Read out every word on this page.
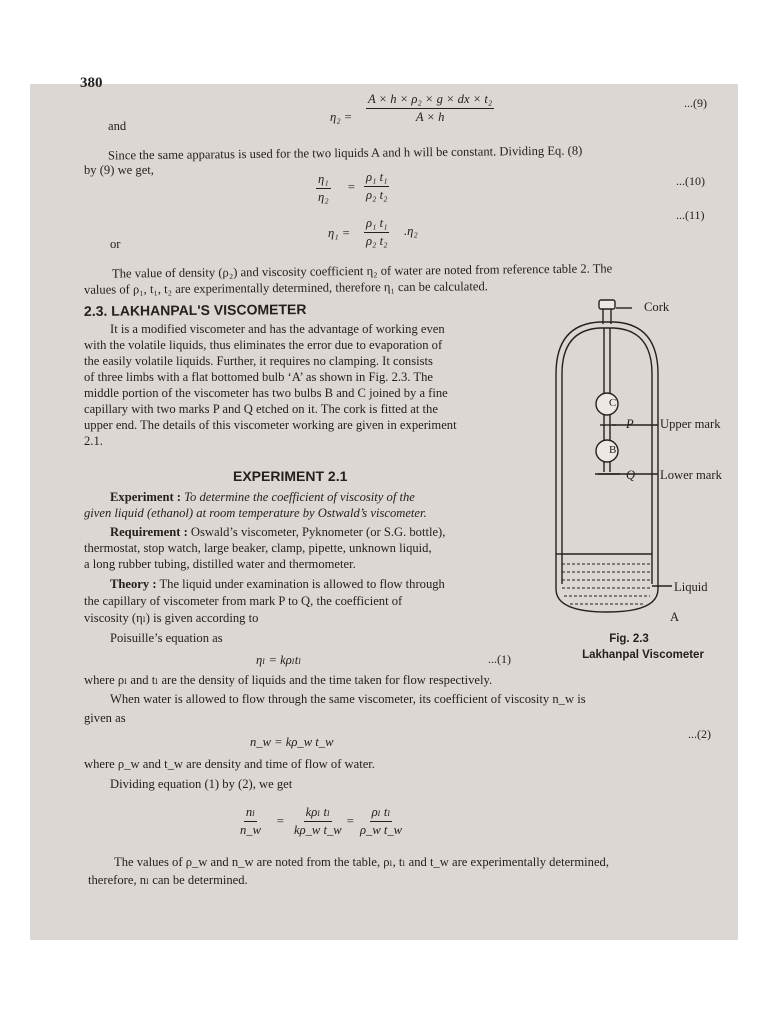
380
$\eta_2 = \frac{\text{A × h × ρ₂ × g × dx × t₂}}{A \times h}$	...(9)
and
Since the same apparatus is used for the two liquids A and h will be constant. Dividing Eq. (8)
by (9) we get,
$\frac{\text{η₁}}{\text{η₂}} = \frac{\text{ρ₁ t₁}}{\text{ρ₂ t₂}}$	...(10)
...(11)
or
$\eta_1 = \frac{\text{ρ₁ t₁}}{\text{ρ₂ t₂}} .\eta_2$
The value of density (ρ₂) and viscosity coefficient η₂ of water are noted from reference table 2. The
values of ρ₁, t₁, t₂ are experimentally determined, therefore η₁ can be calculated.
2.3. LAKHANPAL'S VISCOMETER
It is a modified viscometer and has the advantage of working even
with the volatile liquids, thus eliminates the error due to evaporation of
the easily volatile liquids. Further, it requires no clamping. It consists
of three limbs with a flat bottomed bulb ‘A’ as shown in Fig. 2.3. The
middle portion of the viscometer has two bulbs B and C joined by a fine
capillary with two marks P and Q etched on it. The cork is fitted at the
upper end. The details of this viscometer working are given in experiment
2.1.
EXPERIMENT 2.1
Experiment : To determine the coefficient of viscosity of the
given liquid (ethanol) at room temperature by Ostwald’s viscometer.
Requirement : Oswald’s viscometer, Pyknometer (or S.G. bottle),
thermostat, stop watch, large beaker, clamp, pipette, unknown liquid,
a long rubber tubing, distilled water and thermometer.
Theory : The liquid under examination is allowed to flow through
the capillary of viscometer from mark P to Q, the coefficient of
viscosity (ηₗ) is given according to
Poisuille’s equation as
ηₗ = kρₗtₗ	...(1)
where ρₗ and tₗ are the density of liquids and the time taken for flow respectively.
When water is allowed to flow through the same viscometer, its coefficient of viscosity n_w is
given as
n_w = kρ_w t_w
...(2)
where ρ_w and t_w are density and time of flow of water.
Dividing equation (1) by (2), we get
$\frac{\text{nₗ}}{n\_w}$ =
kρₗ tₗ
kρ_w t_w
= $\frac{\text{ρₗ tₗ}}{\text{ρ\_w t\_w}}$
The values of ρ_w and n_w are noted from the table, ρₗ, tₗ and t_w are experimentally determined,
therefore, nₗ can be determined.
Cork
C
B
P Upper mark
Q Lower mark
Liquid
A
Fig. 2.3
Lakhanpal Viscometer
